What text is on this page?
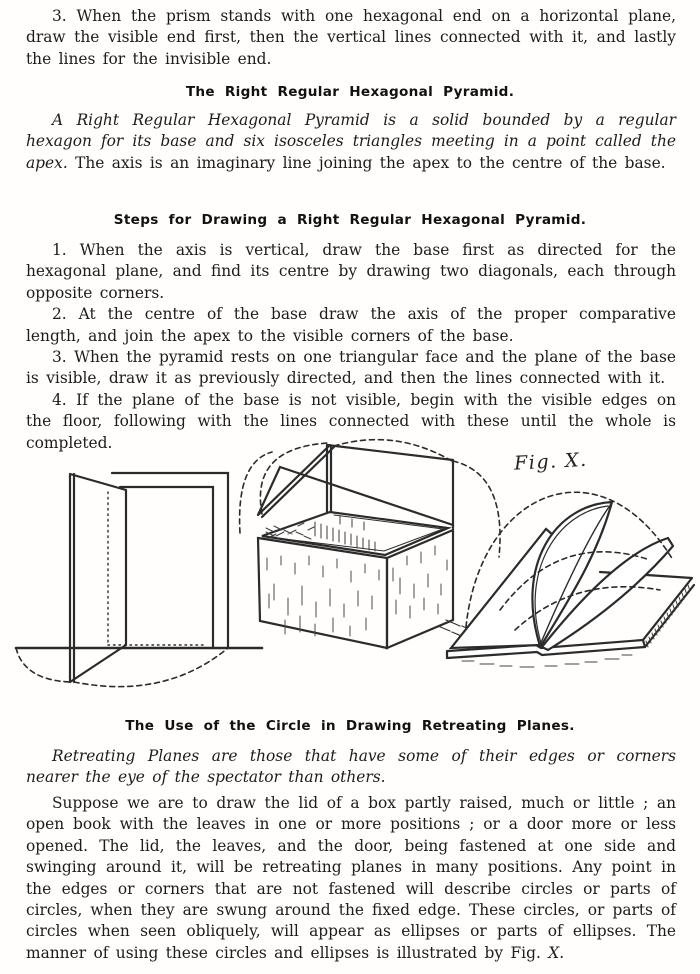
3. When the prism stands with one hexagonal end on a horizontal plane, draw the visible end first, then the vertical lines connected with it, and lastly the lines for the invisible end.

The Right Regular Hexagonal Pyramid.

A Right Regular Hexagonal Pyramid is a solid bounded by a regular hexagon for its base and six isosceles triangles meeting in a point called the apex. The axis is an imaginary line joining the apex to the centre of the base.

Steps for Drawing a Right Regular Hexagonal Pyramid.

1. When the axis is vertical, draw the base first as directed for the hexagonal plane, and find its centre by drawing two diagonals, each through opposite corners.

2. At the centre of the base draw the axis of the proper comparative length, and join the apex to the visible corners of the base.

3. When the pyramid rests on one triangular face and the plane of the base is visible, draw it as previously directed, and then the lines connected with it.

4. If the plane of the base is not visible, begin with the visible edges on the floor, following with the lines connected with these until the whole is completed.

Fig. X.
The Use of the Circle in Drawing Retreating Planes.

Retreating Planes are those that have some of their edges or corners nearer the eye of the spectator than others.

Suppose we are to draw the lid of a box partly raised, much or little ; an open book with the leaves in one or more positions ; or a door more or less opened. The lid, the leaves, and the door, being fastened at one side and swinging around it, will be retreating planes in many positions. Any point in the edges or corners that are not fastened will describe circles or parts of circles, when they are swung around the fixed edge. These circles, or parts of circles when seen obliquely, will appear as ellipses or parts of ellipses. The manner of using these circles and ellipses is illustrated by Fig. X.
